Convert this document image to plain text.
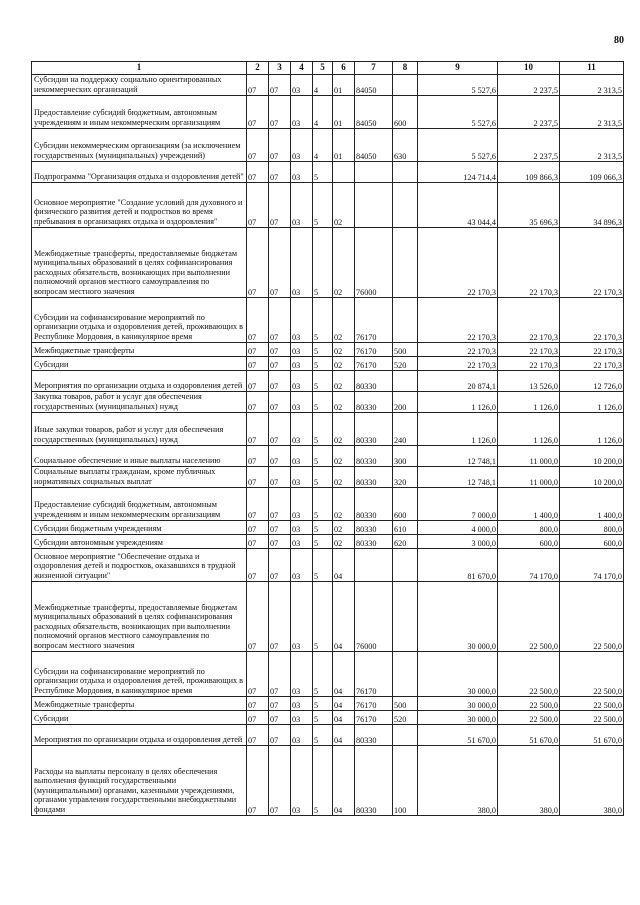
80
1	2	3	4	5	6	7	8	9	10	11
Субсидии на поддержку социально ориентированных некоммерческих организаций	07	07	03	4	01	84050		5 527,6	2 237,5	2 313,5
Предоставление субсидий бюджетным, автономным учреждениям и иным некоммерческим организациям	07	07	03	4	01	84050	600	5 527,6	2 237,5	2 313,5
Субсидии некоммерческим организациям (за исключением государственных (муниципальных) учреждений)	07	07	03	4	01	84050	630	5 527,6	2 237,5	2 313,5
Подпрограмма "Организация отдыха и оздоровления детей"	07	07	03	5				124 714,4	109 866,3	109 066,3
Основное мероприятие "Создание условий для духовного и физического развития детей и подростков во время пребывания в организациях отдыха и оздоровления"	07	07	03	5	02			43 044,4	35 696,3	34 896,3
Межбюджетные трансферты, предоставляемые бюджетам муниципальных образований в целях софинансирования расходных обязательств, возникающих при выполнении полномочий органов местного самоуправления по вопросам местного значения	07	07	03	5	02	76000		22 170,3	22 170,3	22 170,3
Субсидии на софинансирование мероприятий по организации отдыха и оздоровления детей, проживающих в Республике Мордовия, в каникулярное время	07	07	03	5	02	76170		22 170,3	22 170,3	22 170,3
Межбюджетные трансферты	07	07	03	5	02	76170	500	22 170,3	22 170,3	22 170,3
Субсидии	07	07	03	5	02	76170	520	22 170,3	22 170,3	22 170,3
Мероприятия по организации отдыха и оздоровления детей	07	07	03	5	02	80330		20 874,1	13 526,0	12 726,0
Закупка товаров, работ и услуг для обеспечения государственных (муниципальных) нужд	07	07	03	5	02	80330	200	1 126,0	1 126,0	1 126,0
Иные закупки товаров, работ и услуг для обеспечения государственных (муниципальных) нужд	07	07	03	5	02	80330	240	1 126,0	1 126,0	1 126,0
Социальное обеспечение и иные выплаты населению	07	07	03	5	02	80330	300	12 748,1	11 000,0	10 200,0
Социальные выплаты гражданам, кроме публичных нормативных социальных выплат	07	07	03	5	02	80330	320	12 748,1	11 000,0	10 200,0
Предоставление субсидий бюджетным, автономным учреждениям и иным некоммерческим организациям	07	07	03	5	02	80330	600	7 000,0	1 400,0	1 400,0
Субсидии бюджетным учреждениям	07	07	03	5	02	80330	610	4 000,0	800,0	800,0
Субсидии автономным учреждениям	07	07	03	5	02	80330	620	3 000,0	600,0	600,0
Основное мероприятие "Обеспечение отдыха и оздоровления детей и подростков, оказавшихся в трудной жизненной ситуации"	07	07	03	5	04			81 670,0	74 170,0	74 170,0
Межбюджетные трансферты, предоставляемые бюджетам муниципальных образований в целях софинансирования расходных обязательств, возникающих при выполнении полномочий органов местного самоуправления по вопросам местного значения	07	07	03	5	04	76000		30 000,0	22 500,0	22 500,0
Субсидии на софинансирование мероприятий по организации отдыха и оздоровления детей, проживающих в Республике Мордовия, в каникулярное время	07	07	03	5	04	76170		30 000,0	22 500,0	22 500,0
Межбюджетные трансферты	07	07	03	5	04	76170	500	30 000,0	22 500,0	22 500,0
Субсидии	07	07	03	5	04	76170	520	30 000,0	22 500,0	22 500,0
Мероприятия по организации отдыха и оздоровления детей	07	07	03	5	04	80330		51 670,0	51 670,0	51 670,0
Расходы на выплаты персоналу в целях обеспечения выполнения функций государственными (муниципальными) органами, казенными учреждениями, органами управления государственными внебюджетными фондами	07	07	03	5	04	80330	100	380,0	380,0	380,0
